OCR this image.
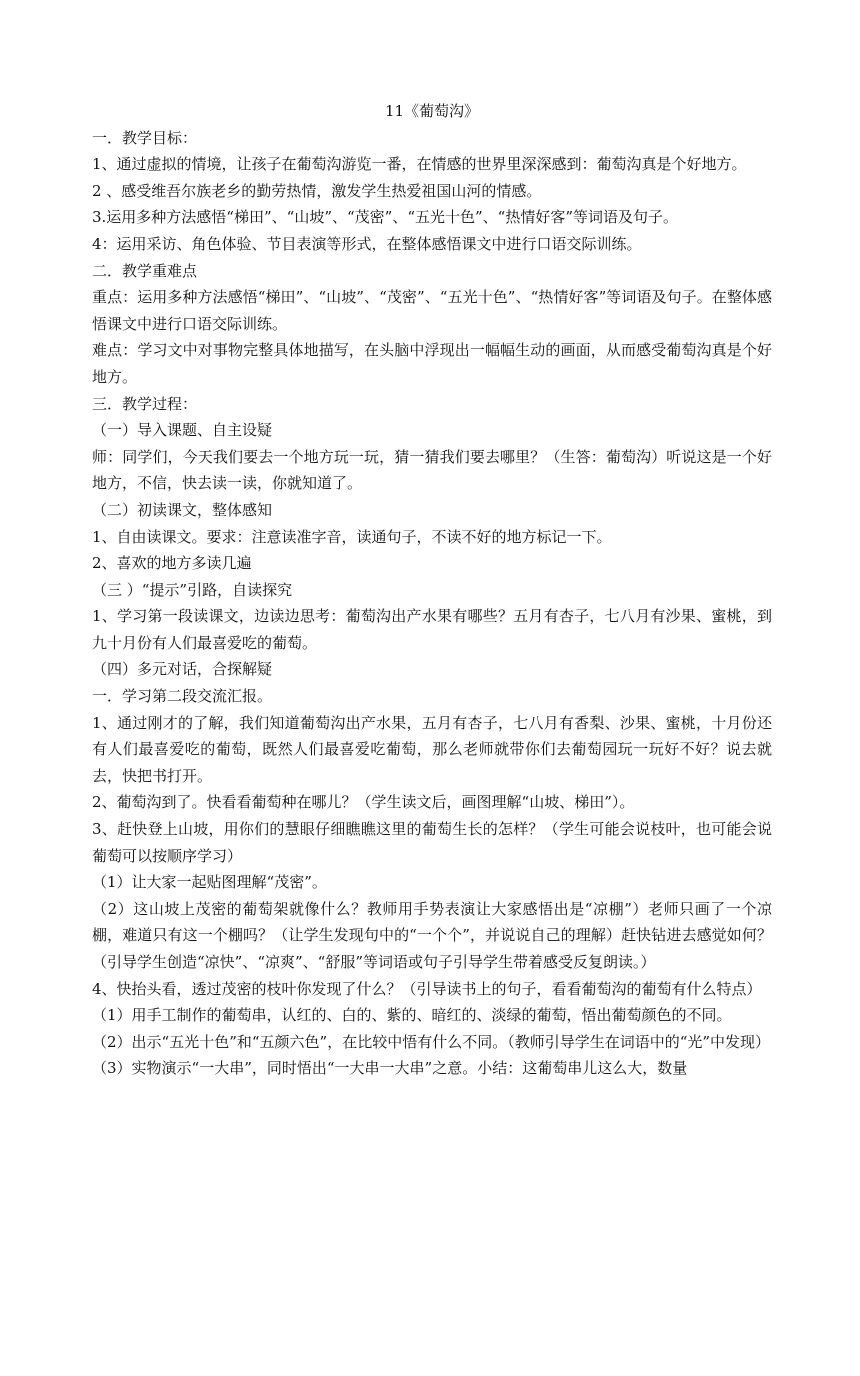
11《葡萄沟》

一．教学目标：

1、通过虚拟的情境，让孩子在葡萄沟游览一番，在情感的世界里深深感到：葡萄沟真是个好地方。

2 、感受维吾尔族老乡的勤劳热情，激发学生热爱祖国山河的情感。

3.运用多种方法感悟“梯田”、“山坡”、“茂密”、“五光十色”、“热情好客”等词语及句子。

4：运用采访、角色体验、节目表演等形式，在整体感悟课文中进行口语交际训练。

二．教学重难点

重点：运用多种方法感悟“梯田”、“山坡”、“茂密”、“五光十色”、“热情好客”等词语及句子。在整体感悟课文中进行口语交际训练。

难点：学习文中对事物完整具体地描写，在头脑中浮现出一幅幅生动的画面，从而感受葡萄沟真是个好地方。

三．教学过程：

（一）导入课题、自主设疑

师：同学们，今天我们要去一个地方玩一玩，猜一猜我们要去哪里？（生答：葡萄沟）听说这是一个好地方，不信，快去读一读，你就知道了。

（二）初读课文，整体感知

1、自由读课文。要求：注意读准字音，读通句子，不读不好的地方标记一下。

2、喜欢的地方多读几遍

（三 ）“提示”引路，自读探究

1、学习第一段读课文，边读边思考：葡萄沟出产水果有哪些？五月有杏子，七八月有沙果、蜜桃，到九十月份有人们最喜爱吃的葡萄。

（四）多元对话，合探解疑

一．学习第二段交流汇报。

1、通过刚才的了解，我们知道葡萄沟出产水果，五月有杏子，七八月有香梨、沙果、蜜桃，十月份还有人们最喜爱吃的葡萄，既然人们最喜爱吃葡萄，那么老师就带你们去葡萄园玩一玩好不好？说去就去，快把书打开。

2、葡萄沟到了。快看看葡萄种在哪儿？（学生读文后，画图理解“山坡、梯田”）。

3、赶快登上山坡，用你们的慧眼仔细瞧瞧这里的葡萄生长的怎样？（学生可能会说枝叶，也可能会说葡萄可以按顺序学习）

（1）让大家一起贴图理解“茂密”。

（2）这山坡上茂密的葡萄架就像什么？教师用手势表演让大家感悟出是“凉棚”）老师只画了一个凉棚，难道只有这一个棚吗？（让学生发现句中的“一个个”，并说说自己的理解）赶快钻进去感觉如何？（引导学生创造“凉快”、“凉爽”、“舒服”等词语或句子引导学生带着感受反复朗读。）

4、快抬头看，透过茂密的枝叶你发现了什么？（引导读书上的句子，看看葡萄沟的葡萄有什么特点）

（1）用手工制作的葡萄串，认红的、白的、紫的、暗红的、淡绿的葡萄，悟出葡萄颜色的不同。

（2）出示“五光十色”和“五颜六色”，在比较中悟有什么不同。（教师引导学生在词语中的“光”中发现）

（3）实物演示“一大串”，同时悟出“一大串一大串”之意。小结：这葡萄串儿这么大，数量
